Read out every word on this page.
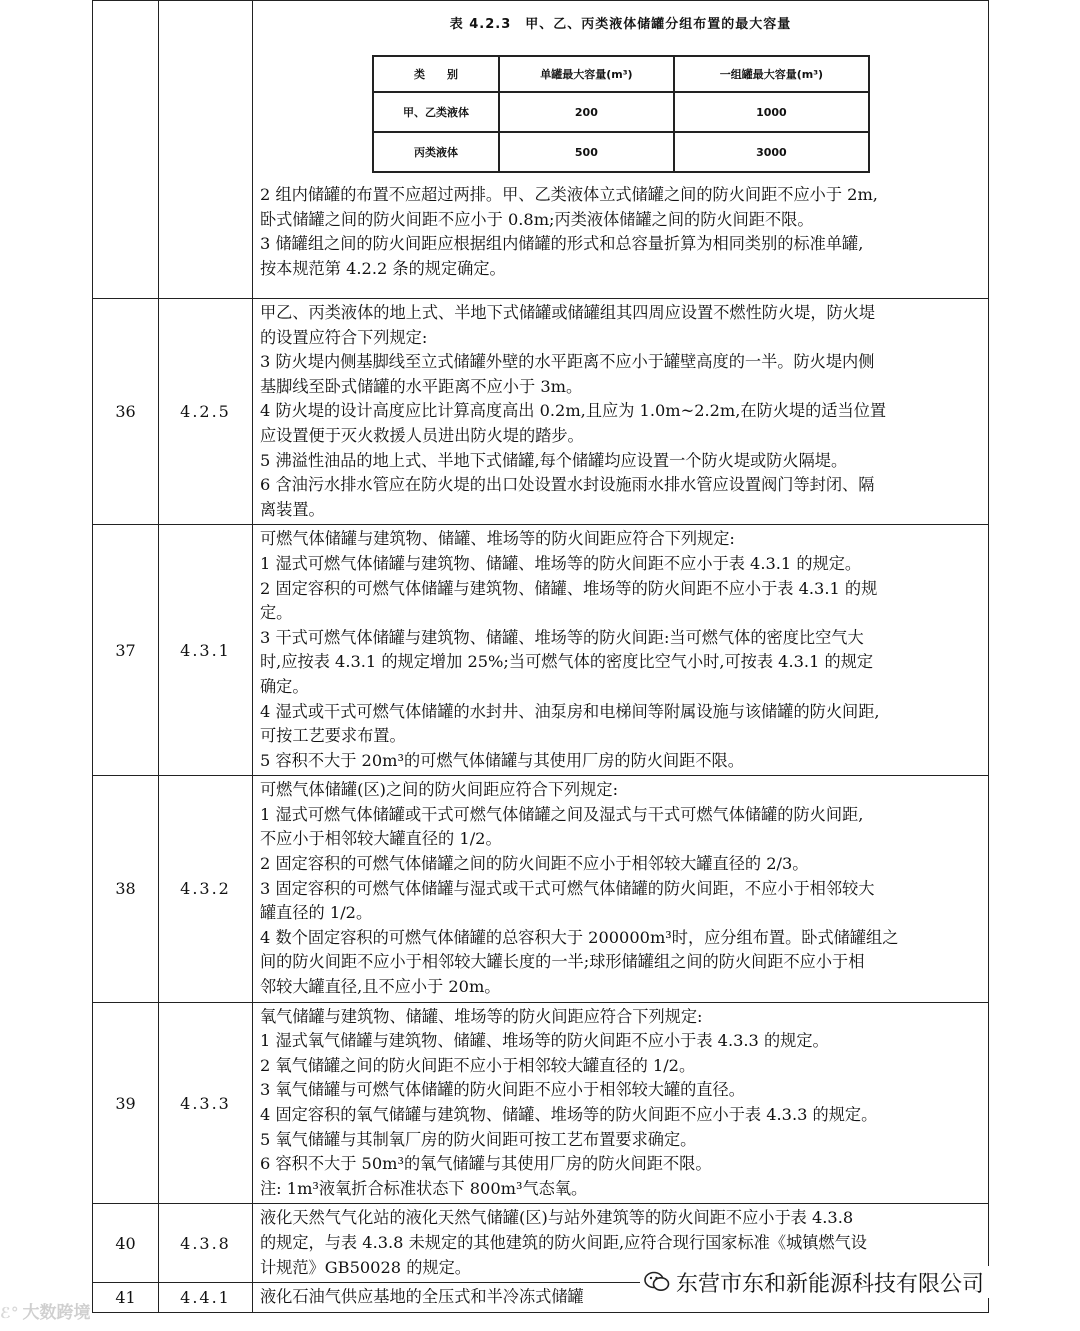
表 4.2.3　甲、乙、丙类液体储罐分组布置的最大容量
类　　别	单罐最大容量(m³)	一组罐最大容量(m³)
甲、乙类液体	200	1000
丙类液体	500	3000
2 组内储罐的布置不应超过两排。甲、乙类液体立式储罐之间的防火间距不应小于 2m,
卧式储罐之间的防火间距不应小于 0.8m;丙类液体储罐之间的防火间距不限。
3 储罐组之间的防火间距应根据组内储罐的形式和总容量折算为相同类别的标准单罐,
按本规范第 4.2.2 条的规定确定。

36	4.2.5	
甲乙、丙类液体的地上式、半地下式储罐或储罐组其四周应设置不燃性防火堤，防火堤
的设置应符合下列规定:
3 防火堤内侧基脚线至立式储罐外壁的水平距离不应小于罐壁高度的一半。防火堤内侧
基脚线至卧式储罐的水平距离不应小于 3m。
4 防火堤的设计高度应比计算高度高出 0.2m,且应为 1.0m~2.2m,在防火堤的适当位置
应设置便于灭火救援人员进出防火堤的踏步。
5 沸溢性油品的地上式、半地下式储罐,每个储罐均应设置一个防火堤或防火隔堤。
6 含油污水排水管应在防火堤的出口处设置水封设施雨水排水管应设置阀门等封闭、隔
离装置。

37	4.3.1	
可燃气体储罐与建筑物、储罐、堆场等的防火间距应符合下列规定:
1 湿式可燃气体储罐与建筑物、储罐、堆场等的防火间距不应小于表 4.3.1 的规定。
2 固定容积的可燃气体储罐与建筑物、储罐、堆场等的防火间距不应小于表 4.3.1 的规
定。
3 干式可燃气体储罐与建筑物、储罐、堆场等的防火间距:当可燃气体的密度比空气大
时,应按表 4.3.1 的规定增加 25%;当可燃气体的密度比空气小时,可按表 4.3.1 的规定
确定。
4 湿式或干式可燃气体储罐的水封井、油泵房和电梯间等附属设施与该储罐的防火间距,
可按工艺要求布置。
5 容积不大于 20m³的可燃气体储罐与其使用厂房的防火间距不限。

38	4.3.2	
可燃气体储罐(区)之间的防火间距应符合下列规定:
1 湿式可燃气体储罐或干式可燃气体储罐之间及湿式与干式可燃气体储罐的防火间距,
不应小于相邻较大罐直径的 1/2。
2 固定容积的可燃气体储罐之间的防火间距不应小于相邻较大罐直径的 2/3。
3 固定容积的可燃气体储罐与湿式或干式可燃气体储罐的防火间距，不应小于相邻较大
罐直径的 1/2。
4 数个固定容积的可燃气体储罐的总容积大于 200000m³时，应分组布置。卧式储罐组之
间的防火间距不应小于相邻较大罐长度的一半;球形储罐组之间的防火间距不应小于相
邻较大罐直径,且不应小于 20m。

39	4.3.3	
氧气储罐与建筑物、储罐、堆场等的防火间距应符合下列规定:
1 湿式氧气储罐与建筑物、储罐、堆场等的防火间距不应小于表 4.3.3 的规定。
2 氧气储罐之间的防火间距不应小于相邻较大罐直径的 1/2。
3 氧气储罐与可燃气体储罐的防火间距不应小于相邻较大罐的直径。
4 固定容积的氧气储罐与建筑物、储罐、堆场等的防火间距不应小于表 4.3.3 的规定。
5 氧气储罐与其制氧厂房的防火间距可按工艺布置要求确定。
6 容积不大于 50m³的氧气储罐与其使用厂房的防火间距不限。
注: 1m³液氧折合标准状态下 800m³气态氧。

40	4.3.8	
液化天然气气化站的液化天然气储罐(区)与站外建筑等的防火间距不应小于表 4.3.8
的规定，与表 4.3.8 未规定的其他建筑的防火间距,应符合现行国家标准《城镇燃气设
计规范》GB50028 的规定。

41	4.4.1	液化石油气供应基地的全压式和半冷冻式储罐
东营市东和新能源科技有限公司
ℰ° 大数跨境
